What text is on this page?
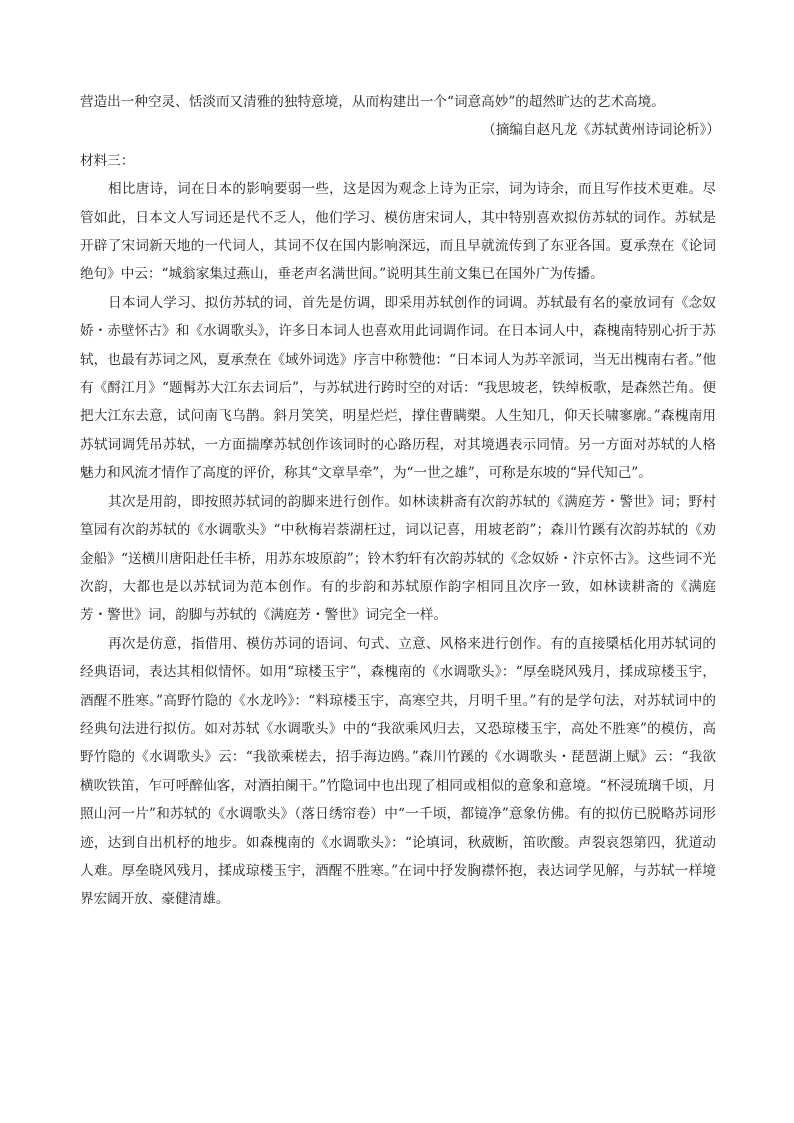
营造出一种空灵、恬淡而又清雅的独特意境，从而构建出一个“词意高妙”的超然旷达的艺术高境。

（摘编自赵凡龙《苏轼黄州诗词论析》）

材料三：

相比唐诗，词在日本的影响要弱一些，这是因为观念上诗为正宗，词为诗余，而且写作技术更难。尽管如此，日本文人写词还是代不乏人，他们学习、模仿唐宋词人，其中特别喜欢拟仿苏轼的词作。苏轼是开辟了宋词新天地的一代词人，其词不仅在国内影响深远，而且早就流传到了东亚各国。夏承焘在《论词绝句》中云：“城翁家集过燕山，垂老声名满世间。”说明其生前文集已在国外广为传播。

日本词人学习、拟仿苏轼的词，首先是仿调，即采用苏轼创作的词调。苏轼最有名的豪放词有《念奴娇・赤壁怀古》和《水调歌头》，许多日本词人也喜欢用此词调作词。在日本词人中，森槐南特别心折于苏轼，也最有苏词之风，夏承焘在《域外词选》序言中称赞他：“日本词人为苏辛派词，当无出槐南右者。”他有《酹江月》“题髯苏大江东去词后”，与苏轼进行跨时空的对话：“我思坡老，铁绰板歌，是森然芒角。便把大江东去意，试问南飞乌鹊。斜月笑笑，明星烂烂，撑住曹瞒槊。人生知几，仰天长啸寥廓。”森槐南用苏轼词调凭吊苏轼，一方面揣摩苏轼创作该词时的心路历程，对其境遇表示同情。另一方面对苏轼的人格魅力和风流才情作了高度的评价，称其“文章旱牵”，为“一世之雄”，可称是东坡的“异代知己”。

其次是用韵，即按照苏轼词的韵脚来进行创作。如林读耕斋有次韵苏轼的《满庭芳・警世》词；野村篁园有次韵苏轼的《水调歌头》“中秋梅岩萘湖枉过，词以记喜，用坡老韵”；森川竹蹊有次韵苏轼的《劝金船》“送横川唐阳赴任丰桥，用苏东坡原韵”；铃木豹轩有次韵苏轼的《念奴娇・汴京怀古》。这些词不光次韵，大都也是以苏轼词为范本创作。有的步韵和苏轼原作韵字相同且次序一致，如林读耕斋的《满庭芳・警世》词，韵脚与苏轼的《满庭芳・警世》词完全一样。

再次是仿意，指借用、模仿苏词的语词、句式、立意、风格来进行创作。有的直接檃栝化用苏轼词的经典语词，表达其相似情怀。如用“琼楼玉宇”，森槐南的《水调歌头》：“厚垒晓风残月，揉成琼楼玉宇，酒醒不胜寒。”高野竹隐的《水龙吟》：“料琼楼玉宇，高寒空共，月明千里。”有的是学句法，对苏轼词中的经典句法进行拟仿。如对苏轼《水调歌头》中的“我欲乘风归去，又恐琼楼玉宇，高处不胜寒”的模仿，高野竹隐的《水调歌头》云：“我欲乘槎去，招手海边鸥。”森川竹蹊的《水调歌头・琵琶湖上赋》云：“我欲横吹铁笛，乍可呼醉仙客，对酒拍阑干。”竹隐词中也出现了相同或相似的意象和意境。“杯浸琉璃千顷，月照山河一片”和苏轼的《水调歌头》（落日绣帘卷）中“一千顷，都镜净”意象仿佛。有的拟仿已脱略苏词形迹，达到自出机杼的地步。如森槐南的《水调歌头》：“论填词，秋葳断，笛吹酸。声裂哀怨第四，犹道动人难。厚垒晓风残月，揉成琼楼玉宇，酒醒不胜寒。”在词中抒发胸襟怀抱，表达词学见解，与苏轼一样境界宏阔开放、豪健清雄。
